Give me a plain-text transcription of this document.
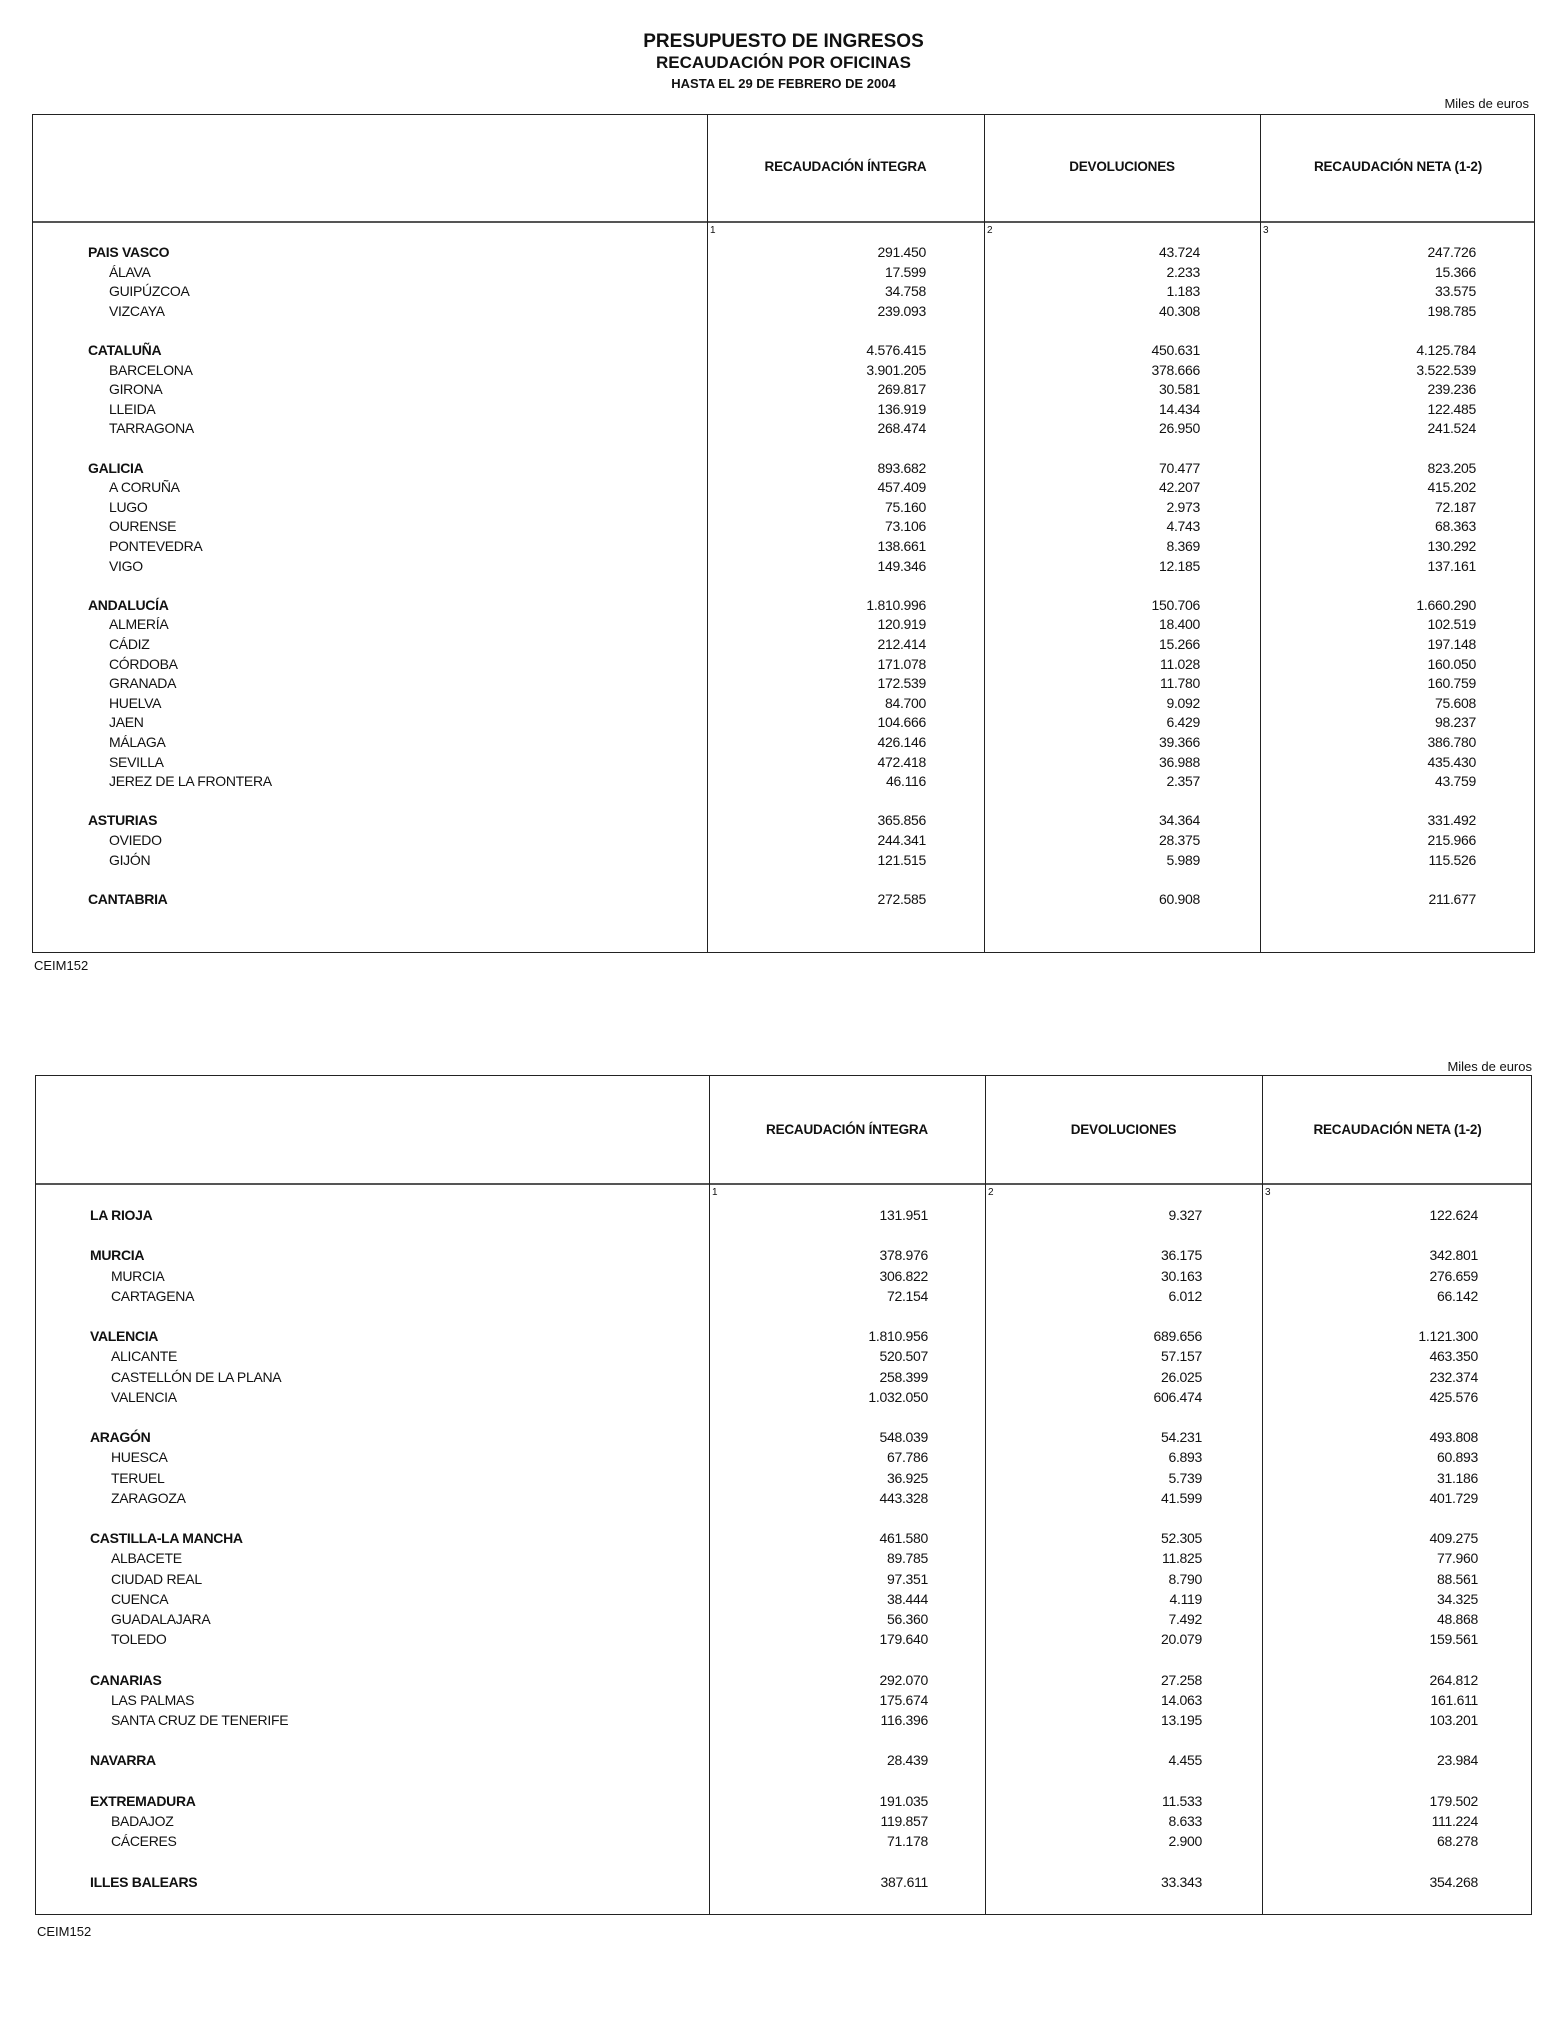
PRESUPUESTO DE INGRESOS
RECAUDACIÓN POR OFICINAS
HASTA EL 29 DE FEBRERO DE 2004
Miles de euros
RECAUDACIÓN ÍNTEGRA
1
DEVOLUCIONES
2
RECAUDACIÓN NETA (1-2)
3
PAIS VASCO	291.450	43.724	247.726
ÁLAVA	17.599	2.233	15.366
GUIPÚZCOA	34.758	1.183	33.575
VIZCAYA	239.093	40.308	198.785
CATALUÑA	4.576.415	450.631	4.125.784
BARCELONA	3.901.205	378.666	3.522.539
GIRONA	269.817	30.581	239.236
LLEIDA	136.919	14.434	122.485
TARRAGONA	268.474	26.950	241.524
GALICIA	893.682	70.477	823.205
A CORUÑA	457.409	42.207	415.202
LUGO	75.160	2.973	72.187
OURENSE	73.106	4.743	68.363
PONTEVEDRA	138.661	8.369	130.292
VIGO	149.346	12.185	137.161
ANDALUCÍA	1.810.996	150.706	1.660.290
ALMERÍA	120.919	18.400	102.519
CÁDIZ	212.414	15.266	197.148
CÓRDOBA	171.078	11.028	160.050
GRANADA	172.539	11.780	160.759
HUELVA	84.700	9.092	75.608
JAEN	104.666	6.429	98.237
MÁLAGA	426.146	39.366	386.780
SEVILLA	472.418	36.988	435.430
JEREZ DE LA FRONTERA	46.116	2.357	43.759
ASTURIAS	365.856	34.364	331.492
OVIEDO	244.341	28.375	215.966
GIJÓN	121.515	5.989	115.526
CANTABRIA	272.585	60.908	211.677
CEIM152
Miles de euros
RECAUDACIÓN ÍNTEGRA
1
DEVOLUCIONES
2
RECAUDACIÓN NETA (1-2)
3
LA RIOJA	131.951	9.327	122.624
MURCIA	378.976	36.175	342.801
MURCIA	306.822	30.163	276.659
CARTAGENA	72.154	6.012	66.142
VALENCIA	1.810.956	689.656	1.121.300
ALICANTE	520.507	57.157	463.350
CASTELLÓN DE LA PLANA	258.399	26.025	232.374
VALENCIA	1.032.050	606.474	425.576
ARAGÓN	548.039	54.231	493.808
HUESCA	67.786	6.893	60.893
TERUEL	36.925	5.739	31.186
ZARAGOZA	443.328	41.599	401.729
CASTILLA-LA MANCHA	461.580	52.305	409.275
ALBACETE	89.785	11.825	77.960
CIUDAD REAL	97.351	8.790	88.561
CUENCA	38.444	4.119	34.325
GUADALAJARA	56.360	7.492	48.868
TOLEDO	179.640	20.079	159.561
CANARIAS	292.070	27.258	264.812
LAS PALMAS	175.674	14.063	161.611
SANTA CRUZ DE TENERIFE	116.396	13.195	103.201
NAVARRA	28.439	4.455	23.984
EXTREMADURA	191.035	11.533	179.502
BADAJOZ	119.857	8.633	111.224
CÁCERES	71.178	2.900	68.278
ILLES BALEARS	387.611	33.343	354.268
CEIM152
